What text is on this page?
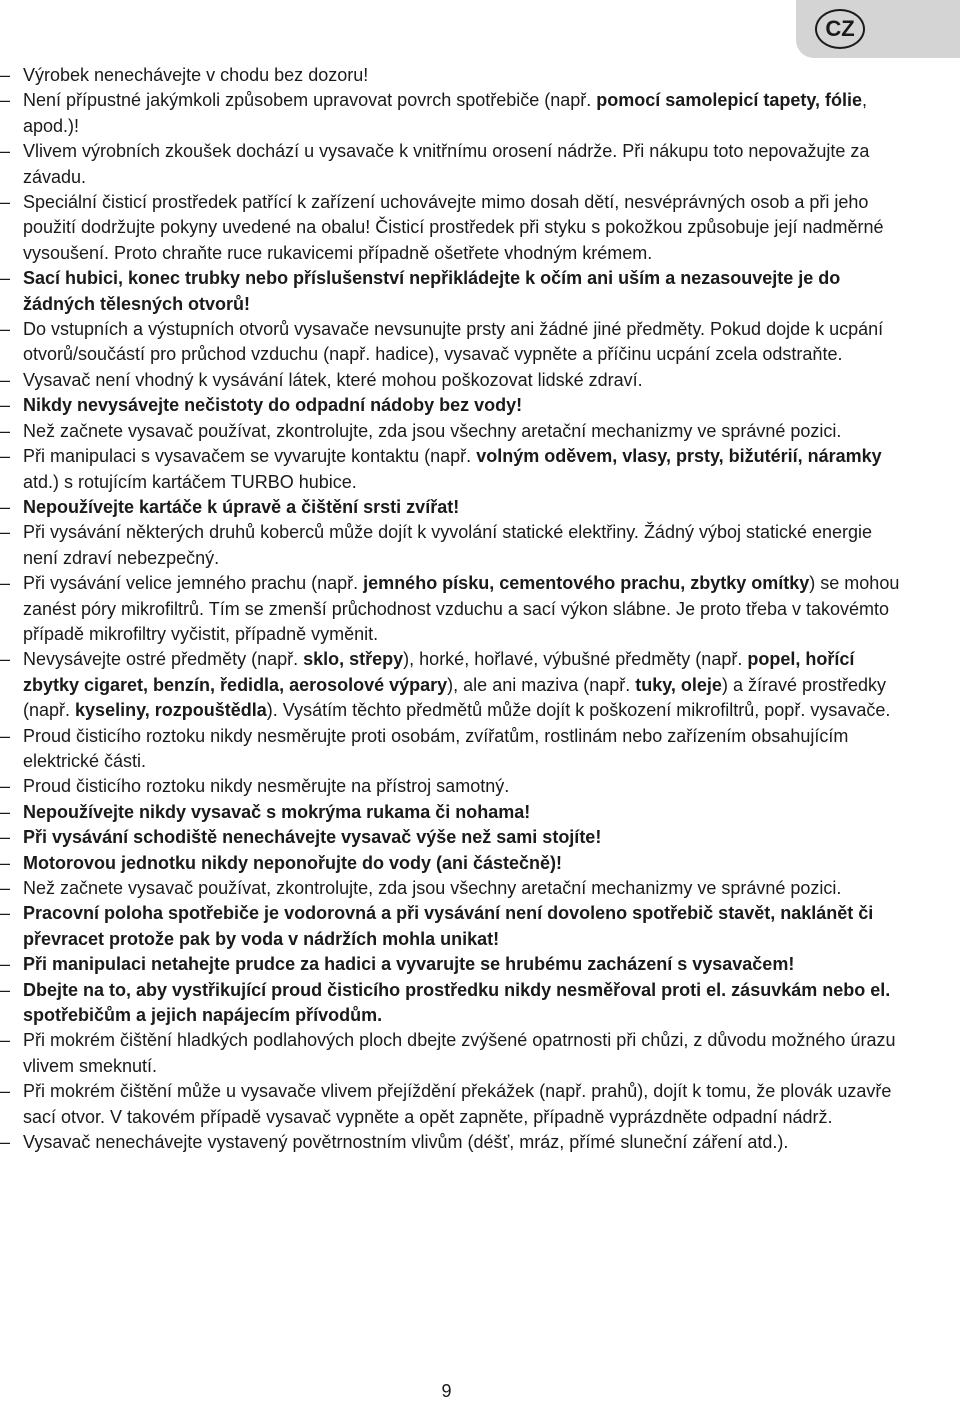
CZ
– Výrobek nenechávejte v chodu bez dozoru!
– Není přípustné jakýmkoli způsobem upravovat povrch spotřebiče (např. pomocí samolepicí tapety, fólie, apod.)!
– Vlivem výrobních zkoušek dochází u vysavače k vnitřnímu orosení nádrže. Při nákupu toto nepovažujte za závadu.
– Speciální čisticí prostředek patřící k zařízení uchovávejte mimo dosah dětí, nesvéprávných osob a při jeho použití dodržujte pokyny uvedené na obalu! Čisticí prostředek při styku s pokožkou způsobuje její nadměrné vysoušení. Proto chraňte ruce rukavicemi případně ošetřete vhodným krémem.
– Sací hubici, konec trubky nebo příslušenství nepřikládejte k očím ani uším a nezasouvejte je do žádných tělesných otvorů!
– Do vstupních a výstupních otvorů vysavače nevsunujte prsty ani žádné jiné předměty. Pokud dojde k ucpání otvorů/součástí pro průchod vzduchu (např. hadice), vysavač vypněte a příčinu ucpání zcela odstraňte.
– Vysavač není vhodný k vysávání látek, které mohou poškozovat lidské zdraví.
– Nikdy nevysávejte nečistoty do odpadní nádoby bez vody!
– Než začnete vysavač používat, zkontrolujte, zda jsou všechny aretační mechanizmy ve správné pozici.
– Při manipulaci s vysavačem se vyvarujte kontaktu (např. volným oděvem, vlasy, prsty, bižutérií, náramky atd.) s rotujícím kartáčem TURBO hubice.
– Nepoužívejte kartáče k úpravě a čištění srsti zvířat!
– Při vysávání některých druhů koberců může dojít k vyvolání statické elektřiny. Žádný výboj statické energie není zdraví nebezpečný.
– Při vysávání velice jemného prachu (např. jemného písku, cementového prachu, zbytky omítky) se mohou zanést póry mikrofiltrů. Tím se zmenší průchodnost vzduchu a sací výkon slábne. Je proto třeba v takovémto případě mikrofiltry vyčistit, případně vyměnit.
– Nevysávejte ostré předměty (např. sklo, střepy), horké, hořlavé, výbušné předměty (např. popel, hořící zbytky cigaret, benzín, ředidla, aerosolové výpary), ale ani maziva (např. tuky, oleje) a žíravé prostředky (např. kyseliny, rozpouštědla). Vysátím těchto předmětů může dojít k poškození mikrofiltrů, popř. vysavače.
– Proud čisticího roztoku nikdy nesměrujte proti osobám, zvířatům, rostlinám nebo zařízením obsahujícím elektrické části.
– Proud čisticího roztoku nikdy nesměrujte na přístroj samotný.
– Nepoužívejte nikdy vysavač s mokrýma rukama či nohama!
– Při vysávání schodiště nenechávejte vysavač výše než sami stojíte!
– Motorovou jednotku nikdy neponořujte do vody (ani částečně)!
– Než začnete vysavač používat, zkontrolujte, zda jsou všechny aretační mechanizmy ve správné pozici.
– Pracovní poloha spotřebiče je vodorovná a při vysávání není dovoleno spotřebič stavět, naklánět či převracet protože pak by voda v nádržích mohla unikat!
– Při manipulaci netahejte prudce za hadici a vyvarujte se hrubému zacházení s vysavačem!
– Dbejte na to, aby vystřikující proud čisticího prostředku nikdy nesměřoval proti el. zásuvkám nebo el. spotřebičům a jejich napájecím přívodům.
– Při mokrém čištění hladkých podlahových ploch dbejte zvýšené opatrnosti při chůzi, z důvodu možného úrazu vlivem smeknutí.
– Při mokrém čištění může u vysavače vlivem přejíždění překážek (např. prahů), dojít k tomu, že plovák uzavře sací otvor. V takovém případě vysavač vypněte a opět zapněte, případně vyprázdněte odpadní nádrž.
– Vysavač nenechávejte vystavený povětrnostním vlivům (déšť, mráz, přímé sluneční záření atd.).
9
